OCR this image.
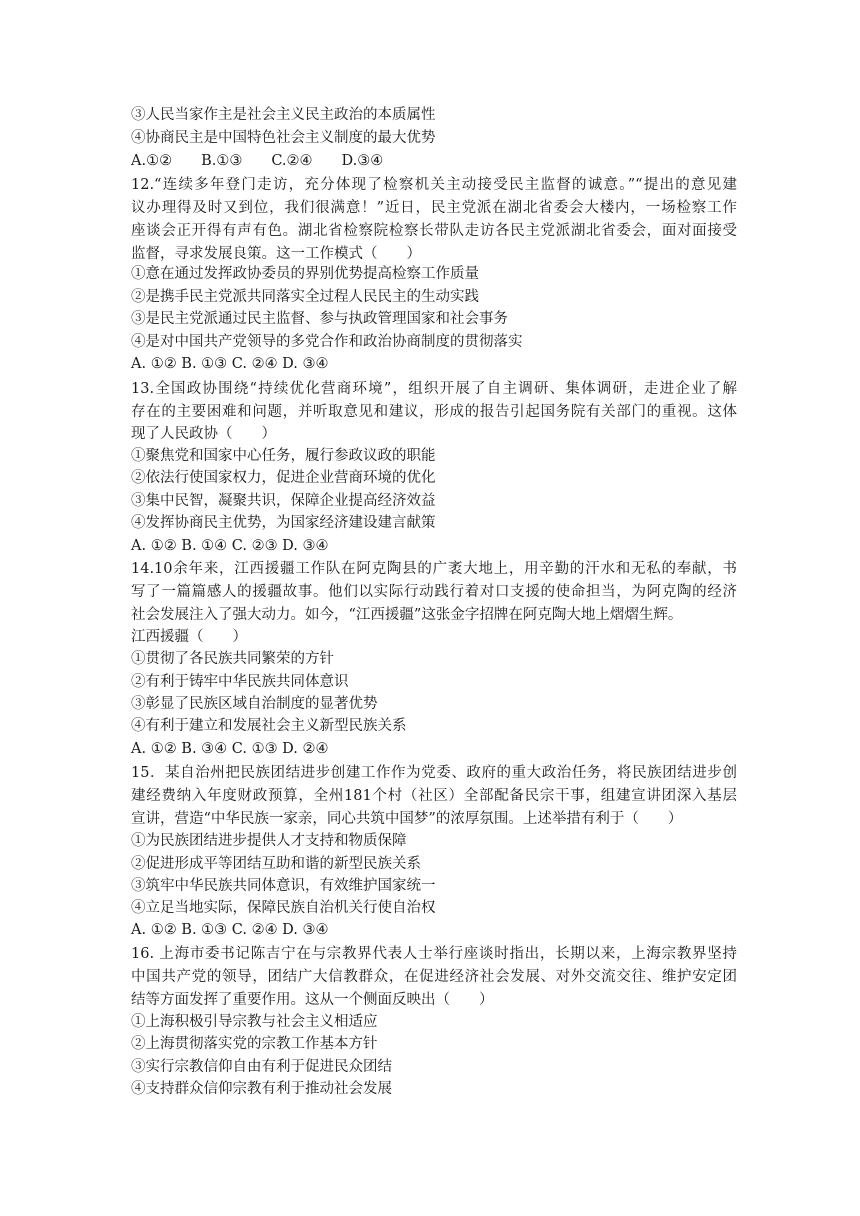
③人民当家作主是社会主义民主政治的本质属性
④协商民主是中国特色社会主义制度的最大优势
A.①②　　B.①③　　C.②④　　D.③④
12.“连续多年登门走访，充分体现了检察机关主动接受民主监督的诚意。”“提出的意见建
议办理得及时又到位，我们很满意！”近日，民主党派在湖北省委会大楼内，一场检察工作
座谈会正开得有声有色。湖北省检察院检察长带队走访各民主党派湖北省委会，面对面接受
监督，寻求发展良策。这一工作模式（　　）
①意在通过发挥政协委员的界别优势提高检察工作质量
②是携手民主党派共同落实全过程人民民主的生动实践
③是民主党派通过民主监督、参与执政管理国家和社会事务
④是对中国共产党领导的多党合作和政治协商制度的贯彻落实
A. ①② B. ①③ C. ②④ D. ③④
13.全国政协围绕“持续优化营商环境”，组织开展了自主调研、集体调研，走进企业了解
存在的主要困难和问题，并听取意见和建议，形成的报告引起国务院有关部门的重视。这体
现了人民政协（　　）
①聚焦党和国家中心任务，履行参政议政的职能
②依法行使国家权力，促进企业营商环境的优化
③集中民智，凝聚共识，保障企业提高经济效益
④发挥协商民主优势，为国家经济建设建言献策
A. ①② B. ①④ C. ②③ D. ③④
14.10余年来，江西援疆工作队在阿克陶县的广袤大地上，用辛勤的汗水和无私的奉献，书
写了一篇篇感人的援疆故事。他们以实际行动践行着对口支援的使命担当，为阿克陶的经济
社会发展注入了强大动力。如今，“江西援疆”这张金字招牌在阿克陶大地上熠熠生辉。
江西援疆（　　）
①贯彻了各民族共同繁荣的方针
②有利于铸牢中华民族共同体意识
③彰显了民族区域自治制度的显著优势
④有利于建立和发展社会主义新型民族关系
A. ①② B. ③④ C. ①③ D. ②④
15．某自治州把民族团结进步创建工作作为党委、政府的重大政治任务，将民族团结进步创
建经费纳入年度财政预算，全州181个村（社区）全部配备民宗干事，组建宣讲团深入基层
宣讲，营造“中华民族一家亲，同心共筑中国梦”的浓厚氛围。上述举措有利于（　　）
①为民族团结进步提供人才支持和物质保障
②促进形成平等团结互助和谐的新型民族关系
③筑牢中华民族共同体意识，有效维护国家统一
④立足当地实际，保障民族自治机关行使自治权
A. ①② B. ①③ C. ②④ D. ③④
16. 上海市委书记陈吉宁在与宗教界代表人士举行座谈时指出，长期以来，上海宗教界坚持
中国共产党的领导，团结广大信教群众，在促进经济社会发展、对外交流交往、维护安定团
结等方面发挥了重要作用。这从一个侧面反映出（　　）
①上海积极引导宗教与社会主义相适应
②上海贯彻落实党的宗教工作基本方针
③实行宗教信仰自由有利于促进民众团结
④支持群众信仰宗教有利于推动社会发展
